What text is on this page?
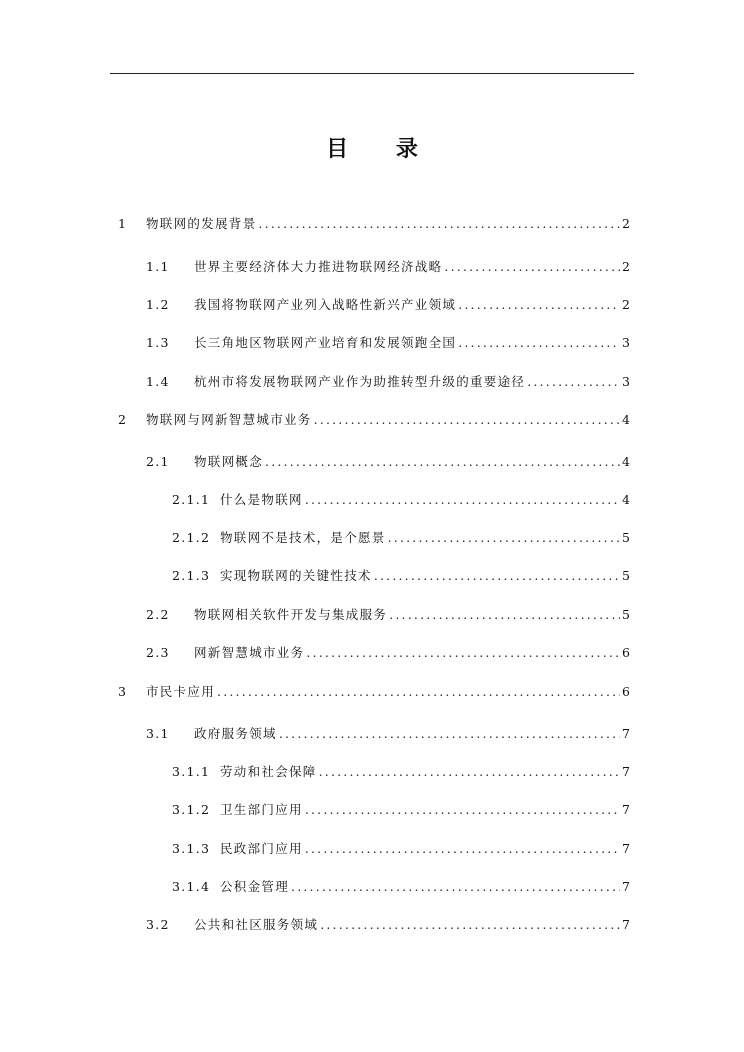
目 录
1	物联网的发展背景 .....	2
1.1	世界主要经济体大力推进物联网经济战略 .....	2
1.2	我国将物联网产业列入战略性新兴产业领域 .....	2
1.3	长三角地区物联网产业培育和发展领跑全国 .....	3
1.4	杭州市将发展物联网产业作为助推转型升级的重要途径 .....	3
2	物联网与网新智慧城市业务 .....	4
2.1	物联网概念 .....	4
2.1.1 什么是物联网 .....	4
2.1.2 物联网不是技术，是个愿景 .....	5
2.1.3 实现物联网的关键性技术 .....	5
2.2	物联网相关软件开发与集成服务 .....	5
2.3	网新智慧城市业务 .....	6
3	市民卡应用 .....	6
3.1	政府服务领域 .....	7
3.1.1 劳动和社会保障 .....	7
3.1.2 卫生部门应用 .....	7
3.1.3 民政部门应用 .....	7
3.1.4 公积金管理 .....	7
3.2	公共和社区服务领域 .....	7
